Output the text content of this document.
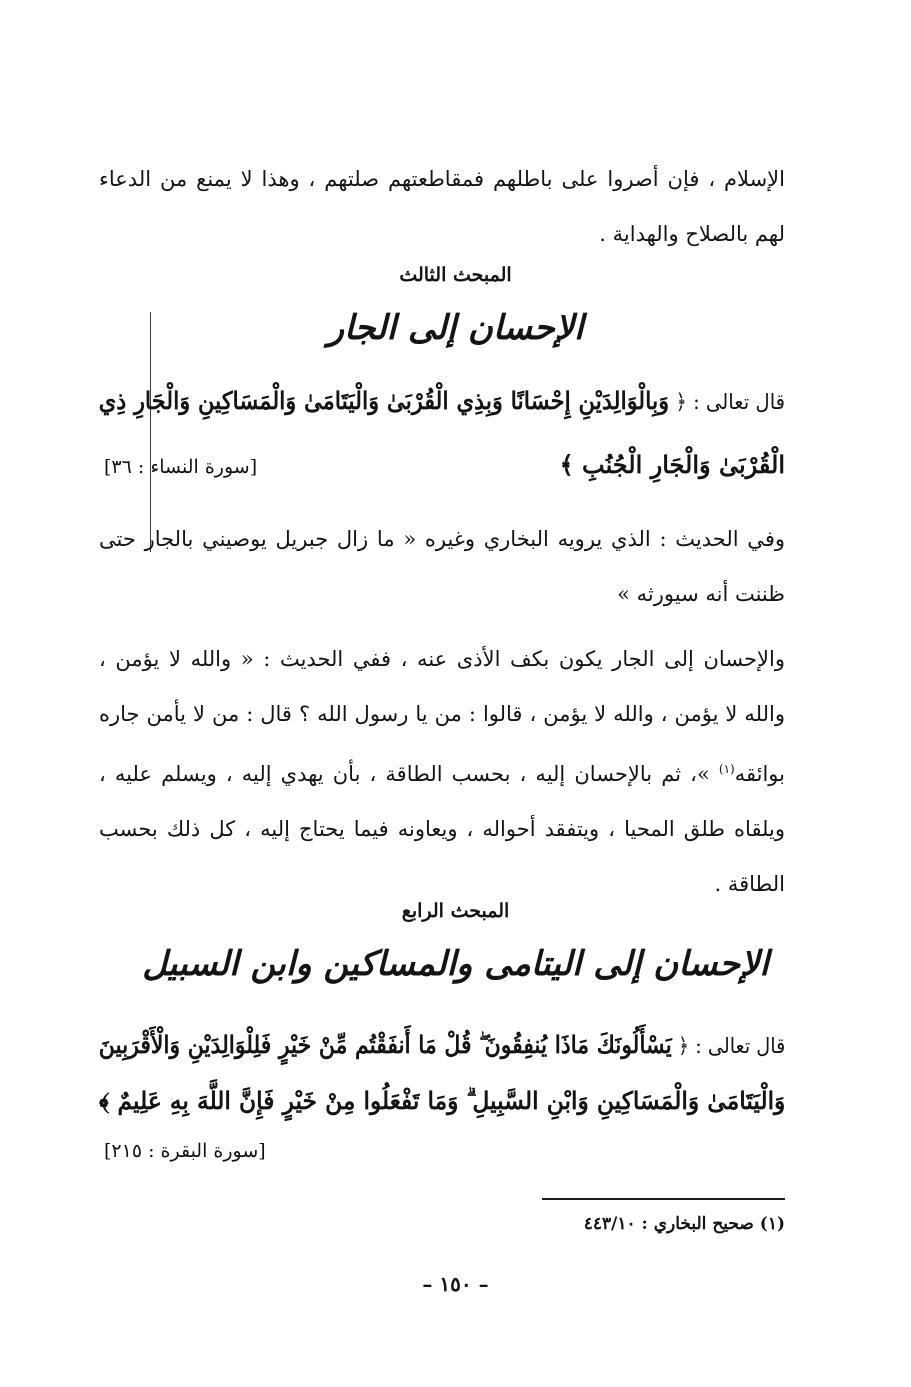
الإسلام ، فإن أصروا على باطلهم فمقاطعتهم صلتهم ، وهذا لا يمنع من الدعاء لهم بالصلاح والهداية .
المبحث الثالث
الإحسان إلى الجار
قال تعالى : ﴿ وَبِالْوَالِدَيْنِ إِحْسَانًا وَبِذِي الْقُرْبَىٰ وَالْيَتَامَىٰ وَالْمَسَاكِينِ وَالْجَارِ ذِي
الْقُرْبَىٰ وَالْجَارِ الْجُنُبِ ﴾
[سورة النساء : ٣٦]
وفي الحديث : الذي يرويه البخاري وغيره « ما زال جبريل يوصيني بالجار حتى ظننت أنه سيورثه »
والإحسان إلى الجار يكون بكف الأذى عنه ، ففي الحديث : « والله لا يؤمن ، والله لا يؤمن ، والله لا يؤمن ، قالوا : من يا رسول الله ؟ قال : من لا يأمن جاره بوائقه$^{(١)}$ »، ثم بالإحسان إليه ، بحسب الطاقة ، بأن يهدي إليه ، ويسلم عليه ، ويلقاه طلق المحيا ، ويتفقد أحواله ، ويعاونه فيما يحتاج إليه ، كل ذلك بحسب الطاقة .
المبحث الرابع
الإحسان إلى اليتامى والمساكين وابن السبيل
قال تعالى : ﴿ يَسْأَلُونَكَ مَاذَا يُنفِقُونَ ۖ قُلْ مَا أَنفَقْتُم مِّنْ خَيْرٍ فَلِلْوَالِدَيْنِ وَالْأَقْرَبِينَ
وَالْيَتَامَىٰ وَالْمَسَاكِينِ وَابْنِ السَّبِيلِ ۗ وَمَا تَفْعَلُوا مِنْ خَيْرٍ فَإِنَّ اللَّهَ بِهِ عَلِيمٌ ﴾
[سورة البقرة : ٢١٥]
(١) صحيح البخاري : ٤٤٣/١٠
– ١٥٠ –
